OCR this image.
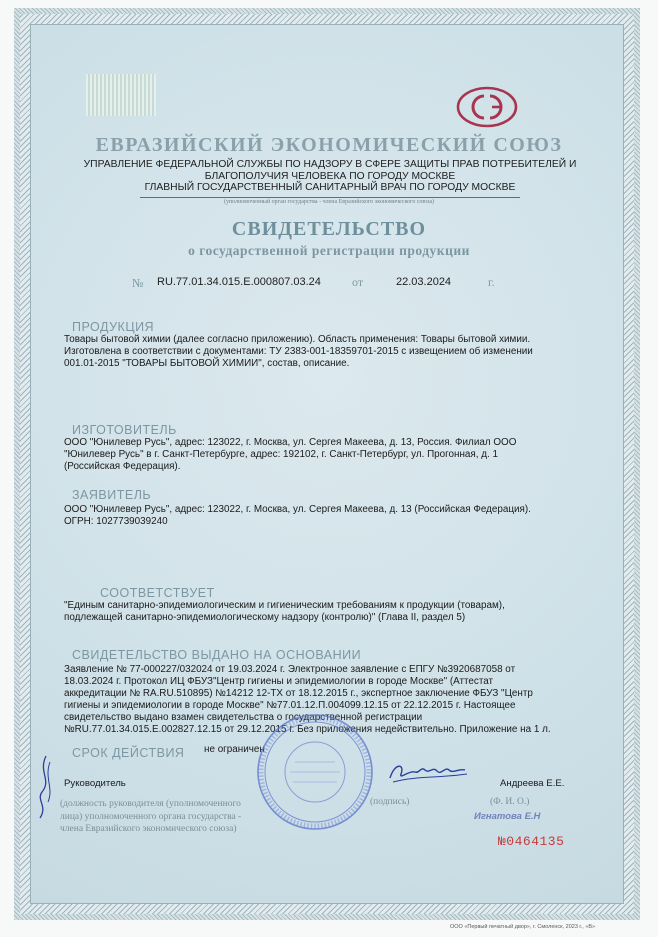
ЕВРАЗИЙСКИЙ ЭКОНОМИЧЕСКИЙ СОЮЗ
УПРАВЛЕНИЕ ФЕДЕРАЛЬНОЙ СЛУЖБЫ ПО НАДЗОРУ В СФЕРЕ ЗАЩИТЫ ПРАВ ПОТРЕБИТЕЛЕЙ И
БЛАГОПОЛУЧИЯ ЧЕЛОВЕКА ПО ГОРОДУ МОСКВЕ
ГЛАВНЫЙ ГОСУДАРСТВЕННЫЙ САНИТАРНЫЙ ВРАЧ ПО ГОРОДУ МОСКВЕ
(уполномоченный орган государства - члена Евразийского экономического союза)
СВИДЕТЕЛЬСТВО
о государственной регистрации продукции
№ RU.77.01.34.015.Е.000807.03.24	от	22.03.2024	г.
ПРОДУКЦИЯ
Товары бытовой химии (далее согласно приложению). Область применения: Товары бытовой химии.
Изготовлена в соответствии с документами: ТУ 2383-001-18359701-2015 с извещением об изменении
001.01-2015 "ТОВАРЫ БЫТОВОЙ ХИМИИ", состав, описание.
ИЗГОТОВИТЕЛЬ
ООО "Юнилевер Русь", адрес: 123022, г. Москва, ул. Сергея Макеева, д. 13, Россия. Филиал ООО
"Юнилевер Русь" в г. Санкт-Петербурге, адрес: 192102, г. Санкт-Петербург, ул. Прогонная, д. 1
(Российская Федерация).
ЗАЯВИТЕЛЬ
ООО "Юнилевер Русь", адрес: 123022, г. Москва, ул. Сергея Макеева, д. 13 (Российская Федерация).
ОГРН: 1027739039240
СООТВЕТСТВУЕТ
"Единым санитарно-эпидемиологическим и гигиеническим требованиям к продукции (товарам),
подлежащей санитарно-эпидемиологическому надзору (контролю)" (Глава II, раздел 5)
СВИДЕТЕЛЬСТВО ВЫДАНО НА ОСНОВАНИИ
Заявление № 77-000227/032024 от 19.03.2024 г. Электронное заявление с ЕПГУ №3920687058 от
18.03.2024 г. Протокол ИЦ ФБУЗ"Центр гигиены и эпидемиологии в городе Москве" (Аттестат
аккредитации № RA.RU.510895) №14212 12-ТХ от 18.12.2015 г., экспертное заключение ФБУЗ "Центр
гигиены и эпидемиологии в городе Москве" №77.01.12.П.004099.12.15 от 22.12.2015 г. Настоящее
свидетельство выдано взамен свидетельства о государственной регистрации
№RU.77.01.34.015.Е.002827.12.15 от 29.12.2015 г. Без приложения недействительно. Приложение на 1 л.
СРОК ДЕЙСТВИЯ не ограничен
Руководитель	Андреева Е.Е.
(должность руководителя (уполномоченного
лица) уполномоченного органа государства -
члена Евразийского экономического союза)
(подпись)	(Ф. И. О.)
Игнатова Е.Н
№0464135
ООО «Первый печатный двор», г. Смоленск, 2023 г., «В»
